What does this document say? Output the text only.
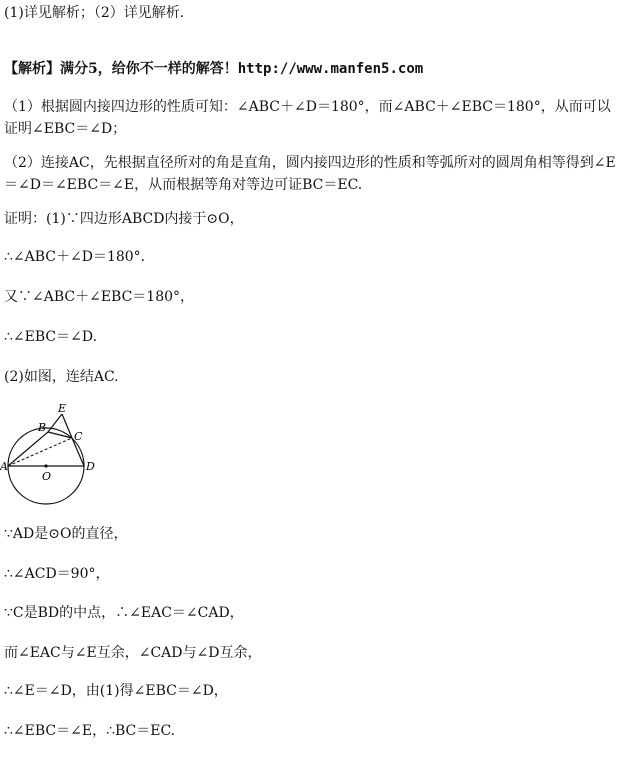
(1)详见解析；（2）详见解析.
【解析】满分5，给你不一样的解答！http://www.manfen5.com
（1）根据圆内接四边形的性质可知：∠ABC＋∠D＝180°，而∠ABC＋∠EBC＝180°，从而可以证明∠EBC＝∠D；
（2）连接AC，先根据直径所对的角是直角，圆内接四边形的性质和等弧所对的圆周角相等得到∠E＝∠D＝∠EBC＝∠E，从而根据等角对等边可证BC＝EC.
证明：(1)∵四边形ABCD内接于⊙O，
∴∠ABC＋∠D＝180°.
又∵∠ABC＋∠EBC＝180°，
∴∠EBC＝∠D.
(2)如图，连结AC.
E
B
C
A	D
O
∵AD是⊙O的直径，
∴∠ACD＝90°，
∵C是BD的中点，∴∠EAC＝∠CAD，
而∠EAC与∠E互余，∠CAD与∠D互余，
∴∠E＝∠D，由(1)得∠EBC＝∠D，
∴∠EBC＝∠E，∴BC＝EC.
